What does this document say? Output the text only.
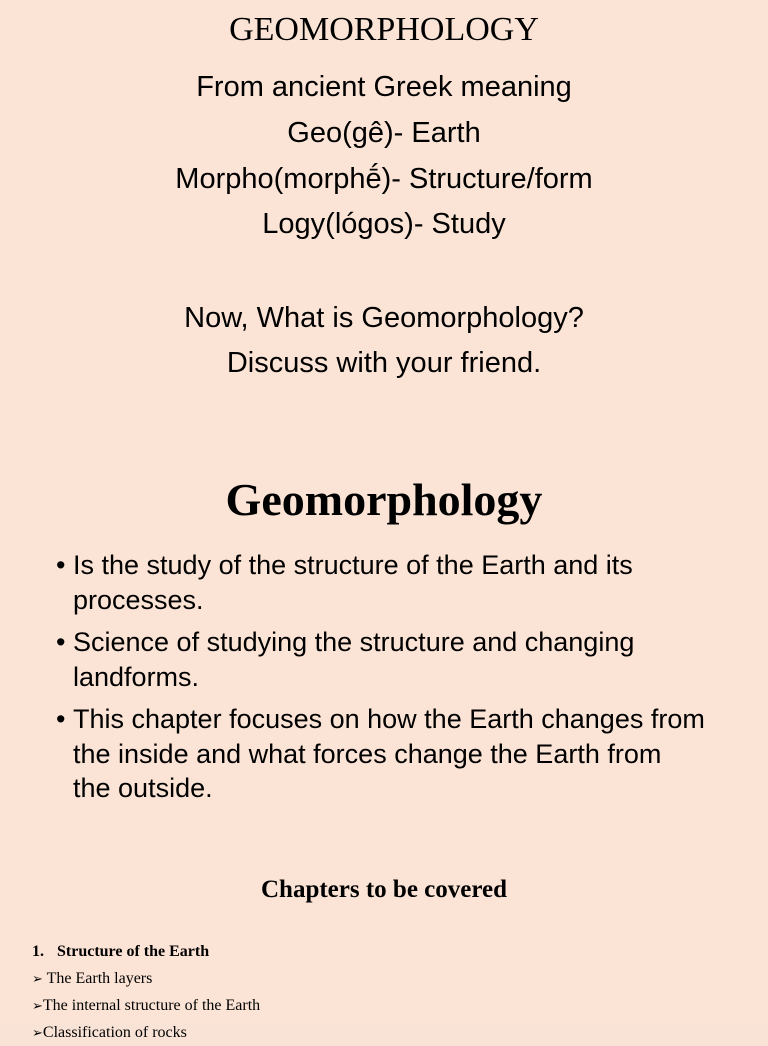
GEOMORPHOLOGY
From ancient Greek meaning
Geo(gê)- Earth
Morpho(morphḗ)- Structure/form
Logy(lógos)- Study
Now, What is Geomorphology?
Discuss with your friend.
Geomorphology
• Is the study of the structure of the Earth and its processes.
• Science of studying the structure and changing landforms.
• This chapter focuses on how the Earth changes from the inside and what forces change the Earth from the outside.
Chapters to be covered
1. Structure of the Earth
➢ The Earth layers
➢The internal structure of the Earth
➢Classification of rocks
